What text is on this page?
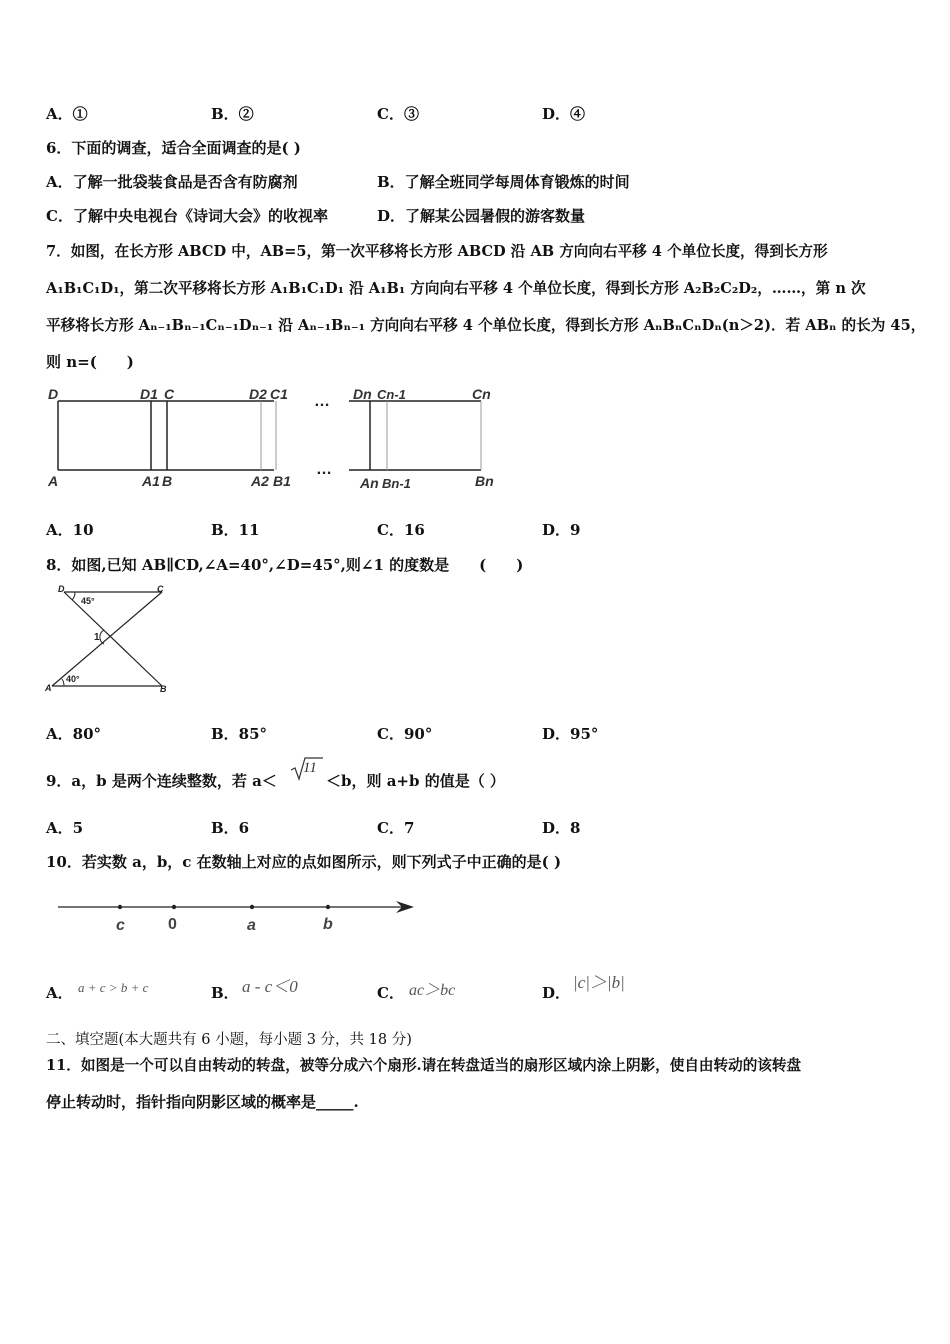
A．①	B．②	C．③	D．④
6．下面的调查，适合全面调查的是( )
A．了解一批袋装食品是否含有防腐剂	B．了解全班同学每周体育锻炼的时间
C．了解中央电视台《诗词大会》的收视率	D．了解某公园暑假的游客数量
7．如图，在长方形 ABCD 中，AB=5，第一次平移将长方形 ABCD 沿 AB 方向向右平移 4 个单位长度，得到长方形
A₁B₁C₁D₁，第二次平移将长方形 A₁B₁C₁D₁ 沿 A₁B₁ 方向向右平移 4 个单位长度，得到长方形 A₂B₂C₂D₂，……，第 n 次
平移将长方形 Aₙ₋₁Bₙ₋₁Cₙ₋₁Dₙ₋₁ 沿 Aₙ₋₁Bₙ₋₁ 方向向右平移 4 个单位长度，得到长方形 AₙBₙCₙDₙ(n＞2)．若 ABₙ 的长为 45，
则 n=(　　)
D	D1 C	D2 C1 … Dn Cn-1	Cn
A	A1 B	A2 B1
…
An Bn-1	Bn
A．10	B．11	C．16	D．9
8．如图,已知 AB∥CD,∠A=40°,∠D=45°,则∠1 的度数是　　(　　)
D	C
A	B
1
45°
40°
A．80°	B．85°	C．90°	D．95°
9．a，b 是两个连续整数，若 a＜
11
＜b，则 a+b 的值是（ ）
A．5	B．6	C．7	D．8
10．若实数 a，b，c 在数轴上对应的点如图所示，则下列式子中正确的是( )
c	0	a	b
A． a + c > b + c	B． a - c＜0	C． ac＞bc	D．
|c|＞|b|
二、填空题(本大题共有 6 小题，每小题 3 分，共 18 分)
11．如图是一个可以自由转动的转盘，被等分成六个扇形.请在转盘适当的扇形区域内涂上阴影，使自由转动的该转盘
停止转动时，指针指向阴影区域的概率是_____.
